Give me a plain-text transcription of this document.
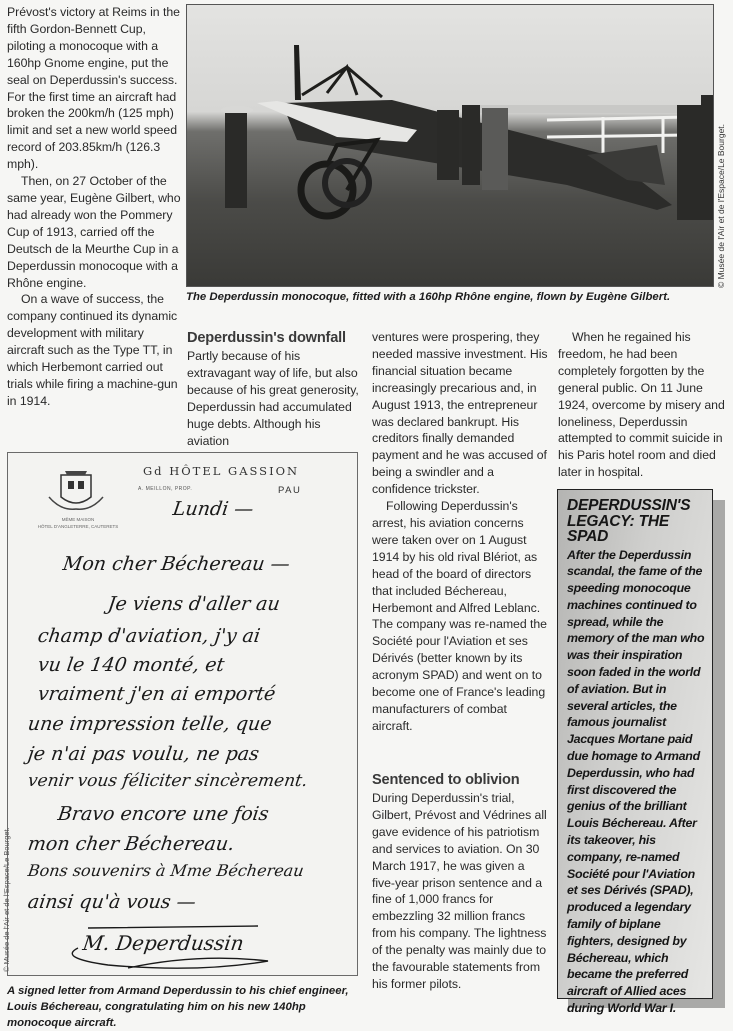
Prévost's victory at Reims in the fifth Gordon-Bennett Cup, piloting a monocoque with a 160hp Gnome engine, put the seal on Deperdussin's success. For the first time an aircraft had broken the 200km/h (125 mph) limit and set a new world speed record of 203.85km/h (126.3 mph).

Then, on 27 October of the same year, Eugène Gilbert, who had already won the Pommery Cup of 1913, carried off the Deutsch de la Meurthe Cup in a Deperdussin monocoque with a Rhône engine.

On a wave of success, the company continued its dynamic development with military aircraft such as the Type TT, in which Herbemont carried out trials while firing a machine-gun in 1914.

© Musée de l'Air et de l'Espace/Le Bourget.
The Deperdussin monocoque, fitted with a 160hp Rhône engine, flown by Eugène Gilbert.
Deperdussin's downfall

Partly because of his extravagant way of life, but also because of his great generosity, Deperdussin had accumulated huge debts. Although his aviation

ventures were prospering, they needed massive investment. His financial situation became increasingly precarious and, in August 1913, the entrepreneur was declared bankrupt. His creditors finally demanded payment and he was accused of being a swindler and a confidence trickster.

Following Deperdussin's arrest, his aviation concerns were taken over on 1 August 1914 by his old rival Blériot, as head of the board of directors that included Béchereau, Herbemont and Alfred Leblanc. The company was re-named the Société pour l'Aviation et ses Dérivés (better known by its acronym SPAD) and went on to become one of France's leading manufacturers of combat aircraft.

Sentenced to oblivion

During Deperdussin's trial, Gilbert, Prévost and Védrines all gave evidence of his patriotism and services to aviation. On 30 March 1917, he was given a five-year prison sentence and a fine of 1,000 francs for embezzling 32 million francs from his company. The lightness of the penalty was mainly due to the favourable statements from his former pilots.

When he regained his freedom, he had been completely forgotten by the general public. On 11 June 1924, overcome by misery and loneliness, Deperdussin attempted to commit suicide in his Paris hotel room and died later in hospital.

MÊME MAISON
HÔTEL D'ANGLETERRE, CAUTERETS
Gd HÔTEL GASSION
A. MEILLON, PROP.	PAU
Lundi —
Mon cher Béchereau —
Je viens d'aller au
champ d'aviation, j'y ai
vu le 140 monté, et
vraiment j'en ai emporté
une impression telle, que
je n'ai pas voulu, ne pas
venir vous féliciter sincèrement.
Bravo encore une fois
mon cher Béchereau.
Bons souvenirs à Mme Béchereau
ainsi qu'à vous —
M. Deperdussin
© Musée de l'Air et de l'Espace/Le Bourget.
A signed letter from Armand Deperdussin to his chief engineer, Louis Béchereau, congratulating him on his new 140hp monocoque aircraft.
DEPERDUSSIN'S LEGACY: THE SPAD

After the Deperdussin scandal, the fame of the speeding monocoque machines continued to spread, while the memory of the man who was their inspiration soon faded in the world of aviation. But in several articles, the famous journalist Jacques Mortane paid due homage to Armand Deperdussin, who had first discovered the genius of the brilliant Louis Béchereau. After its takeover, his company, re-named Société pour l'Aviation et ses Dérivés (SPAD), produced a legendary family of biplane fighters, designed by Béchereau, which became the preferred aircraft of Allied aces during World War I.
